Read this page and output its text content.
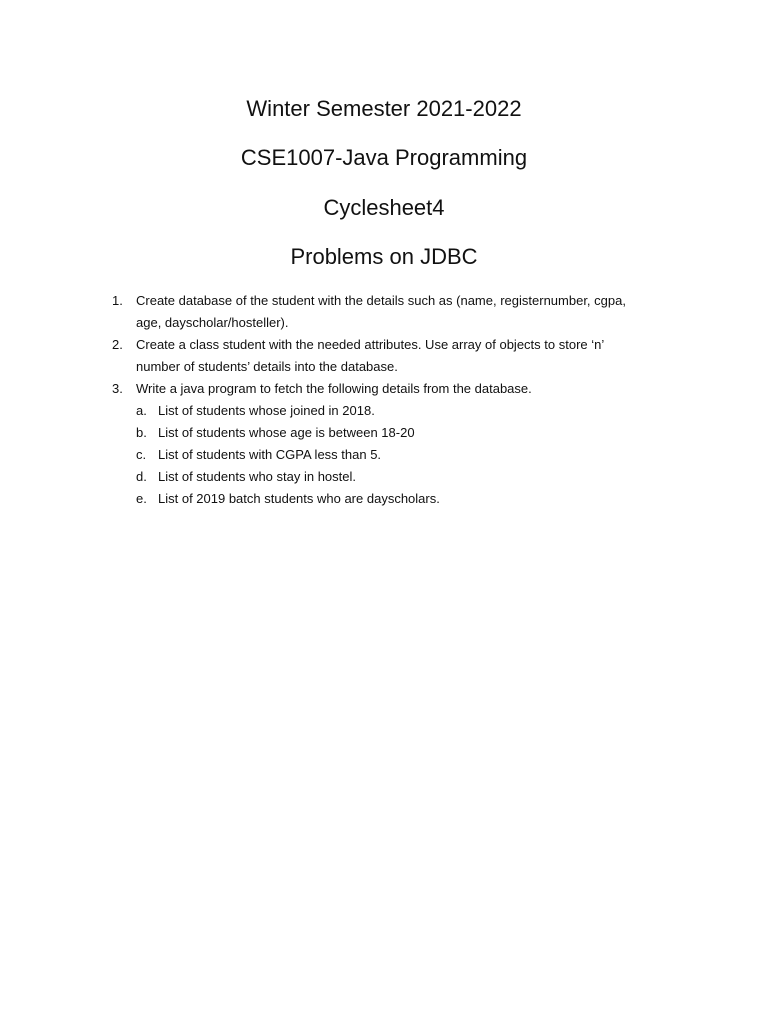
Winter Semester 2021-2022
CSE1007-Java Programming
Cyclesheet4
Problems on JDBC
1. Create database of the student with the details such as (name, registernumber, cgpa,
age, dayscholar/hosteller).
2. Create a class student with the needed attributes. Use array of objects to store ‘n’
number of students’ details into the database.
3. Write a java program to fetch the following details from the database.
a. List of students whose joined in 2018.
b. List of students whose age is between 18-20
c. List of students with CGPA less than 5.
d. List of students who stay in hostel.
e. List of 2019 batch students who are dayscholars.
